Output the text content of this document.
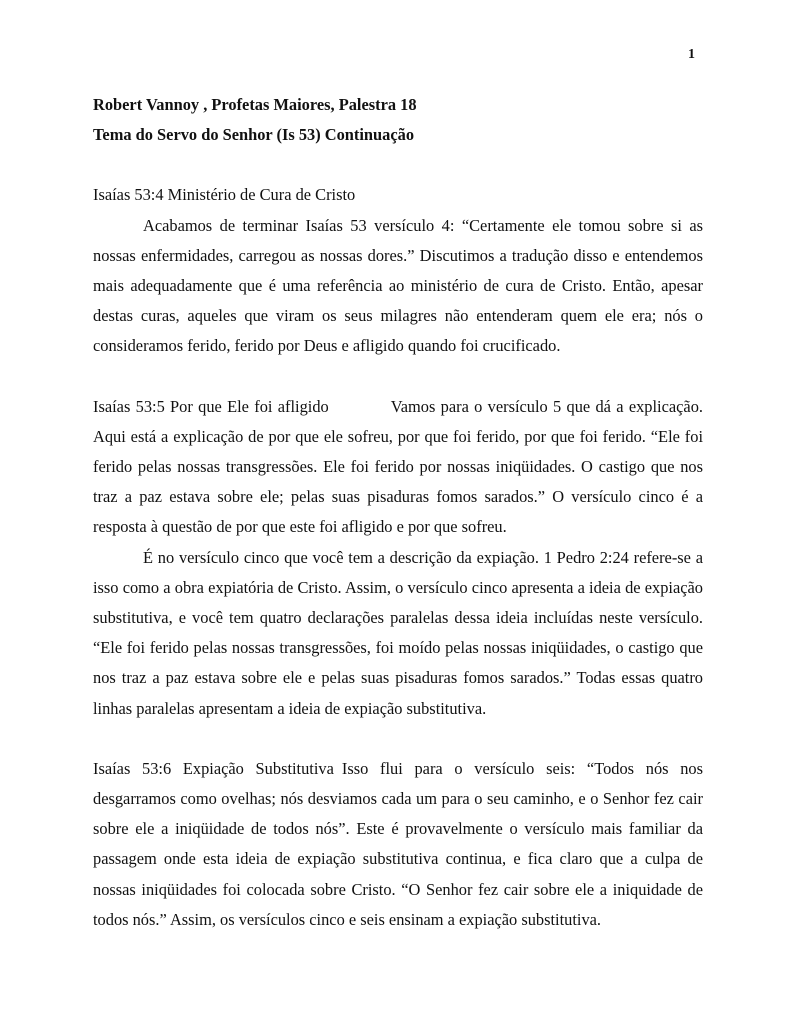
1

Robert Vannoy , Profetas Maiores, Palestra 18

Tema do Servo do Senhor (Is 53) Continuação

Isaías 53:4 Ministério de Cura de Cristo

Acabamos de terminar Isaías 53 versículo 4: “Certamente ele tomou sobre si as nossas enfermidades, carregou as nossas dores.” Discutimos a tradução disso e entendemos mais adequadamente que é uma referência ao ministério de cura de Cristo. Então, apesar destas curas, aqueles que viram os seus milagres não entenderam quem ele era; nós o consideramos ferido, ferido por Deus e afligido quando foi crucificado.

Isaías 53:5 Por que Ele foi afligido	Vamos para o versículo 5 que dá a explicação. Aqui está a explicação de por que ele sofreu, por que foi ferido, por que foi ferido. “Ele foi ferido pelas nossas transgressões. Ele foi ferido por nossas iniqüidades. O castigo que nos traz a paz estava sobre ele; pelas suas pisaduras fomos sarados.” O versículo cinco é a resposta à questão de por que este foi afligido e por que sofreu.

É no versículo cinco que você tem a descrição da expiação. 1 Pedro 2:24 refere-se a isso como a obra expiatória de Cristo. Assim, o versículo cinco apresenta a ideia de expiação substitutiva, e você tem quatro declarações paralelas dessa ideia incluídas neste versículo. “Ele foi ferido pelas nossas transgressões, foi moído pelas nossas iniqüidades, o castigo que nos traz a paz estava sobre ele e pelas suas pisaduras fomos sarados.” Todas essas quatro linhas paralelas apresentam a ideia de expiação substitutiva.

Isaías 53:6 Expiação Substitutiva Isso flui para o versículo seis: “Todos nós nos desgarramos como ovelhas; nós desviamos cada um para o seu caminho, e o Senhor fez cair sobre ele a iniqüidade de todos nós”. Este é provavelmente o versículo mais familiar da passagem onde esta ideia de expiação substitutiva continua, e fica claro que a culpa de nossas iniqüidades foi colocada sobre Cristo. “O Senhor fez cair sobre ele a iniquidade de todos nós.” Assim, os versículos cinco e seis ensinam a expiação substitutiva.
